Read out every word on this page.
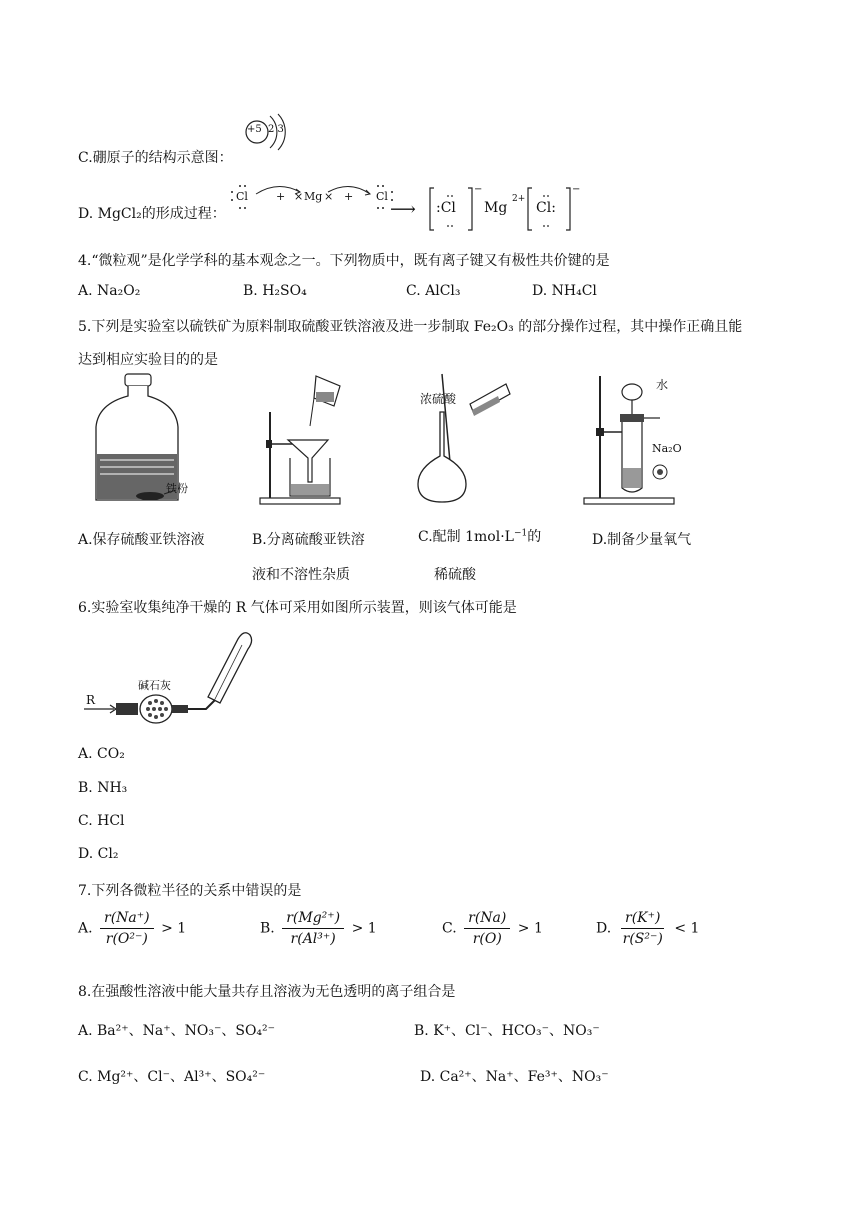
+5 2 3
C.硼原子的结构示意图：
D. MgCl₂的形成过程：
Cl	+ × Mg × + Cl
⟶ :Cl
−
Mg
2+
Cl:
−
4.“微粒观”是化学学科的基本观念之一。下列物质中，既有离子键又有极性共价键的是
A. Na₂O₂	B. H₂SO₄	C. AlCl₃	D. NH₄Cl
5.下列是实验室以硫铁矿为原料制取硫酸亚铁溶液及进一步制取 Fe₂O₃ 的部分操作过程，其中操作正确且能
达到相应实验目的的是
铁粉
浓硫酸
水
Na₂O
A.保存硫酸亚铁溶液	B.分离硫酸亚铁溶
液和不溶性杂质
C.配制 $1mol\cdot L^{-1}$的
稀硫酸
D.制备少量氧气
6.实验室收集纯净干燥的 R 气体可采用如图所示装置，则该气体可能是
R
碱石灰
A. CO₂
B. NH₃
C. HCl
D. Cl₂
7.下列各微粒半径的关系中错误的是
A. $\frac{r(Na^+)}{\text{r(O²⁻)}} > 1$	B. $\frac{\text{r(Mg²⁺)}}{\text{r(Al³⁺)}} > 1$	C. $\frac{r(Na)}{r(O)} > 1$	D. $\frac{r(K^+)}{\text{r(S²⁻)}} < 1$
8.在强酸性溶液中能大量共存且溶液为无色透明的离子组合是
A. Ba²⁺、Na⁺、NO₃⁻、SO₄²⁻	B. K⁺、Cl⁻、HCO₃⁻、NO₃⁻
C. Mg²⁺、Cl⁻、Al³⁺、SO₄²⁻	D. Ca²⁺、Na⁺、Fe³⁺、NO₃⁻
